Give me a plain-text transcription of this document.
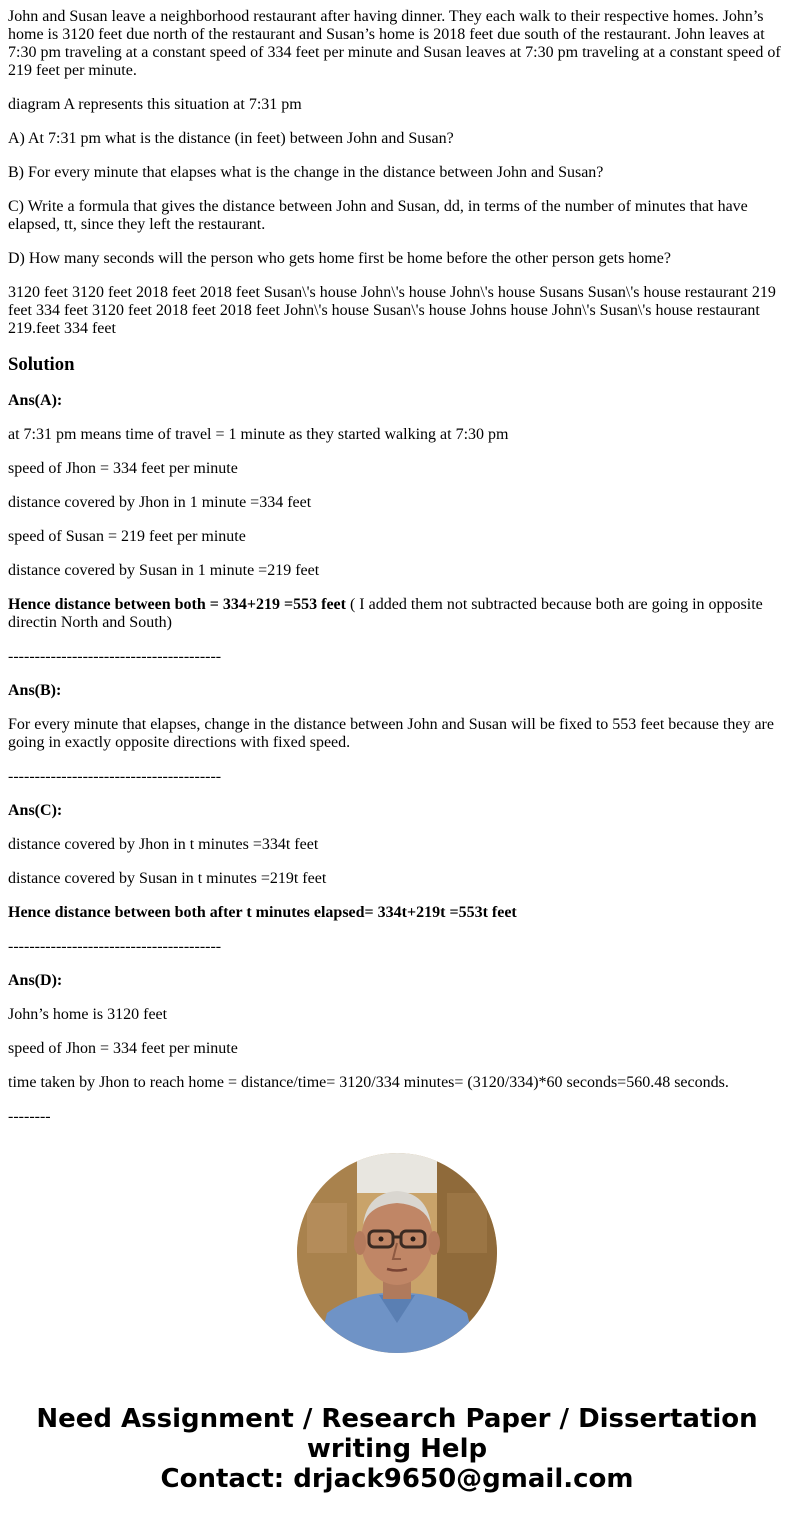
John and Susan leave a neighborhood restaurant after having dinner. They each walk to their respective homes. John’s home is 3120 feet due north of the restaurant and Susan’s home is 2018 feet due south of the restaurant. John leaves at 7:30 pm traveling at a constant speed of 334 feet per minute and Susan leaves at 7:30 pm traveling at a constant speed of 219 feet per minute.

diagram A represents this situation at 7:31 pm

A) At 7:31 pm what is the distance (in feet) between John and Susan?

B) For every minute that elapses what is the change in the distance between John and Susan?

C) Write a formula that gives the distance between John and Susan, dd, in terms of the number of minutes that have elapsed, tt, since they left the restaurant.

D) How many seconds will the person who gets home first be home before the other person gets home?

3120 feet 3120 feet 2018 feet 2018 feet Susan\'s house John\'s house John\'s house Susans Susan\'s house restaurant 219 feet 334 feet 3120 feet 2018 feet 2018 feet John\'s house Susan\'s house Johns house John\'s Susan\'s house restaurant 219.feet 334 feet

Solution

Ans(A):

at 7:31 pm means time of travel = 1 minute as they started walking at 7:30 pm

speed of Jhon = 334 feet per minute

distance covered by Jhon in 1 minute =334 feet

speed of Susan = 219 feet per minute

distance covered by Susan in 1 minute =219 feet

Hence distance between both = 334+219 =553 feet ( I added them not subtracted because both are going in opposite directin North and South)

----------------------------------------

Ans(B):

For every minute that elapses, change in the distance between John and Susan will be fixed to 553 feet because they are going in exactly opposite directions with fixed speed.

----------------------------------------

Ans(C):

distance covered by Jhon in t minutes =334t feet

distance covered by Susan in t minutes =219t feet

Hence distance between both after t minutes elapsed= 334t+219t =553t feet

----------------------------------------

Ans(D):

John’s home is 3120 feet

speed of Jhon = 334 feet per minute

time taken by Jhon to reach home = distance/time= 3120/334 minutes= (3120/334)*60 seconds=560.48 seconds.

--------

Need Assignment / Research Paper / Dissertation
writing Help
Contact: drjack9650@gmail.com
